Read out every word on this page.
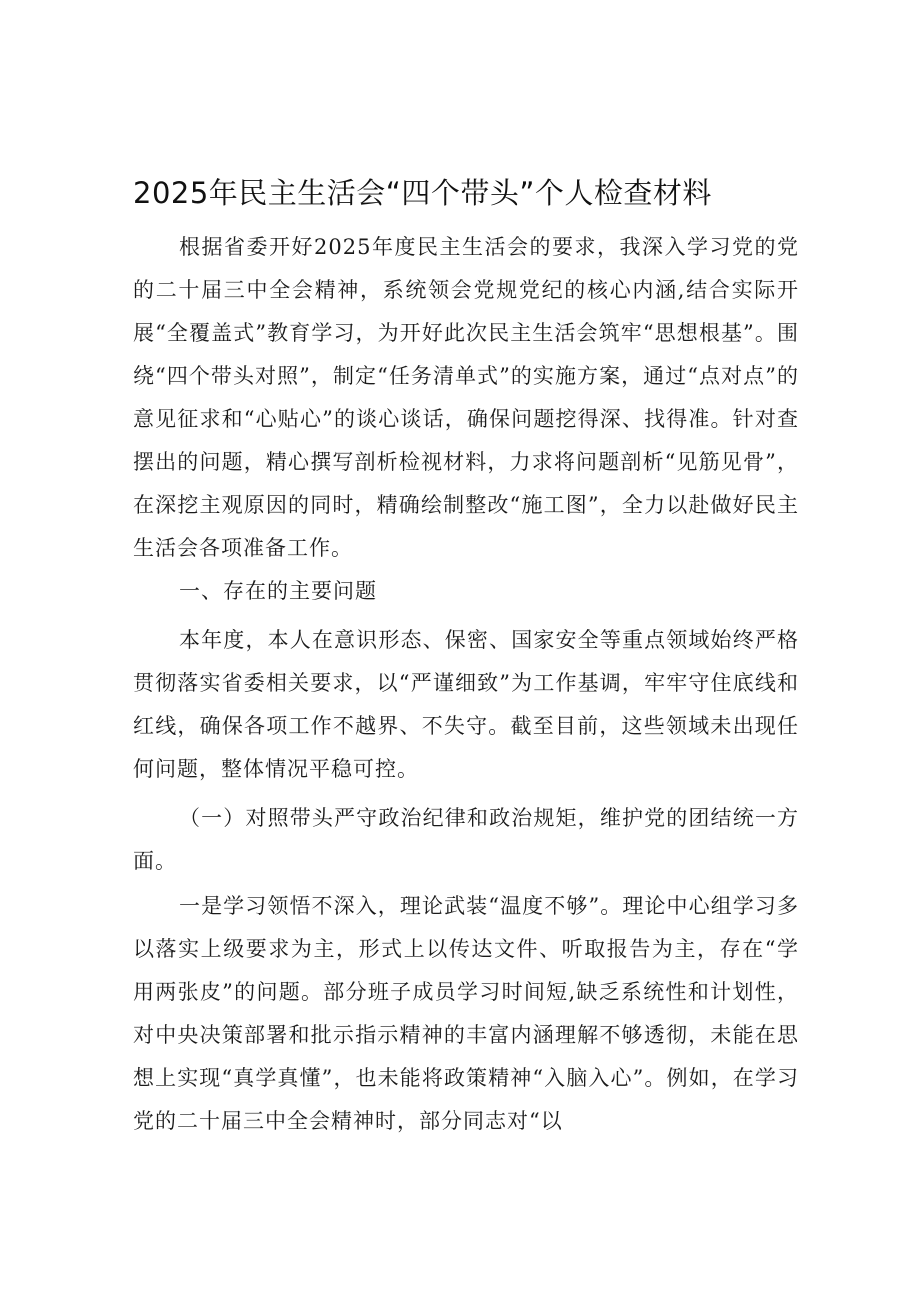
2025年民主生活会“四个带头”个人检查材料

根据省委开好2025年度民主生活会的要求，我深入学习党的党的二十届三中全会精神，系统领会党规党纪的核心内涵,结合实际开展“全覆盖式”教育学习，为开好此次民主生活会筑牢“思想根基”。围绕“四个带头对照”，制定“任务清单式”的实施方案，通过“点对点”的意见征求和“心贴心”的谈心谈话，确保问题挖得深、找得准。针对查摆出的问题，精心撰写剖析检视材料，力求将问题剖析“见筋见骨”，在深挖主观原因的同时，精确绘制整改“施工图”，全力以赴做好民主生活会各项准备工作。

一、存在的主要问题

本年度，本人在意识形态、保密、国家安全等重点领域始终严格贯彻落实省委相关要求，以“严谨细致”为工作基调，牢牢守住底线和红线，确保各项工作不越界、不失守。截至目前，这些领域未出现任何问题，整体情况平稳可控。

（一）对照带头严守政治纪律和政治规矩，维护党的团结统一方面。

一是学习领悟不深入，理论武装“温度不够”。理论中心组学习多以落实上级要求为主，形式上以传达文件、听取报告为主，存在“学用两张皮”的问题。部分班子成员学习时间短,缺乏系统性和计划性，对中央决策部署和批示指示精神的丰富内涵理解不够透彻，未能在思想上实现“真学真懂”，也未能将政策精神“入脑入心”。例如，在学习党的二十届三中全会精神时，部分同志对“以
